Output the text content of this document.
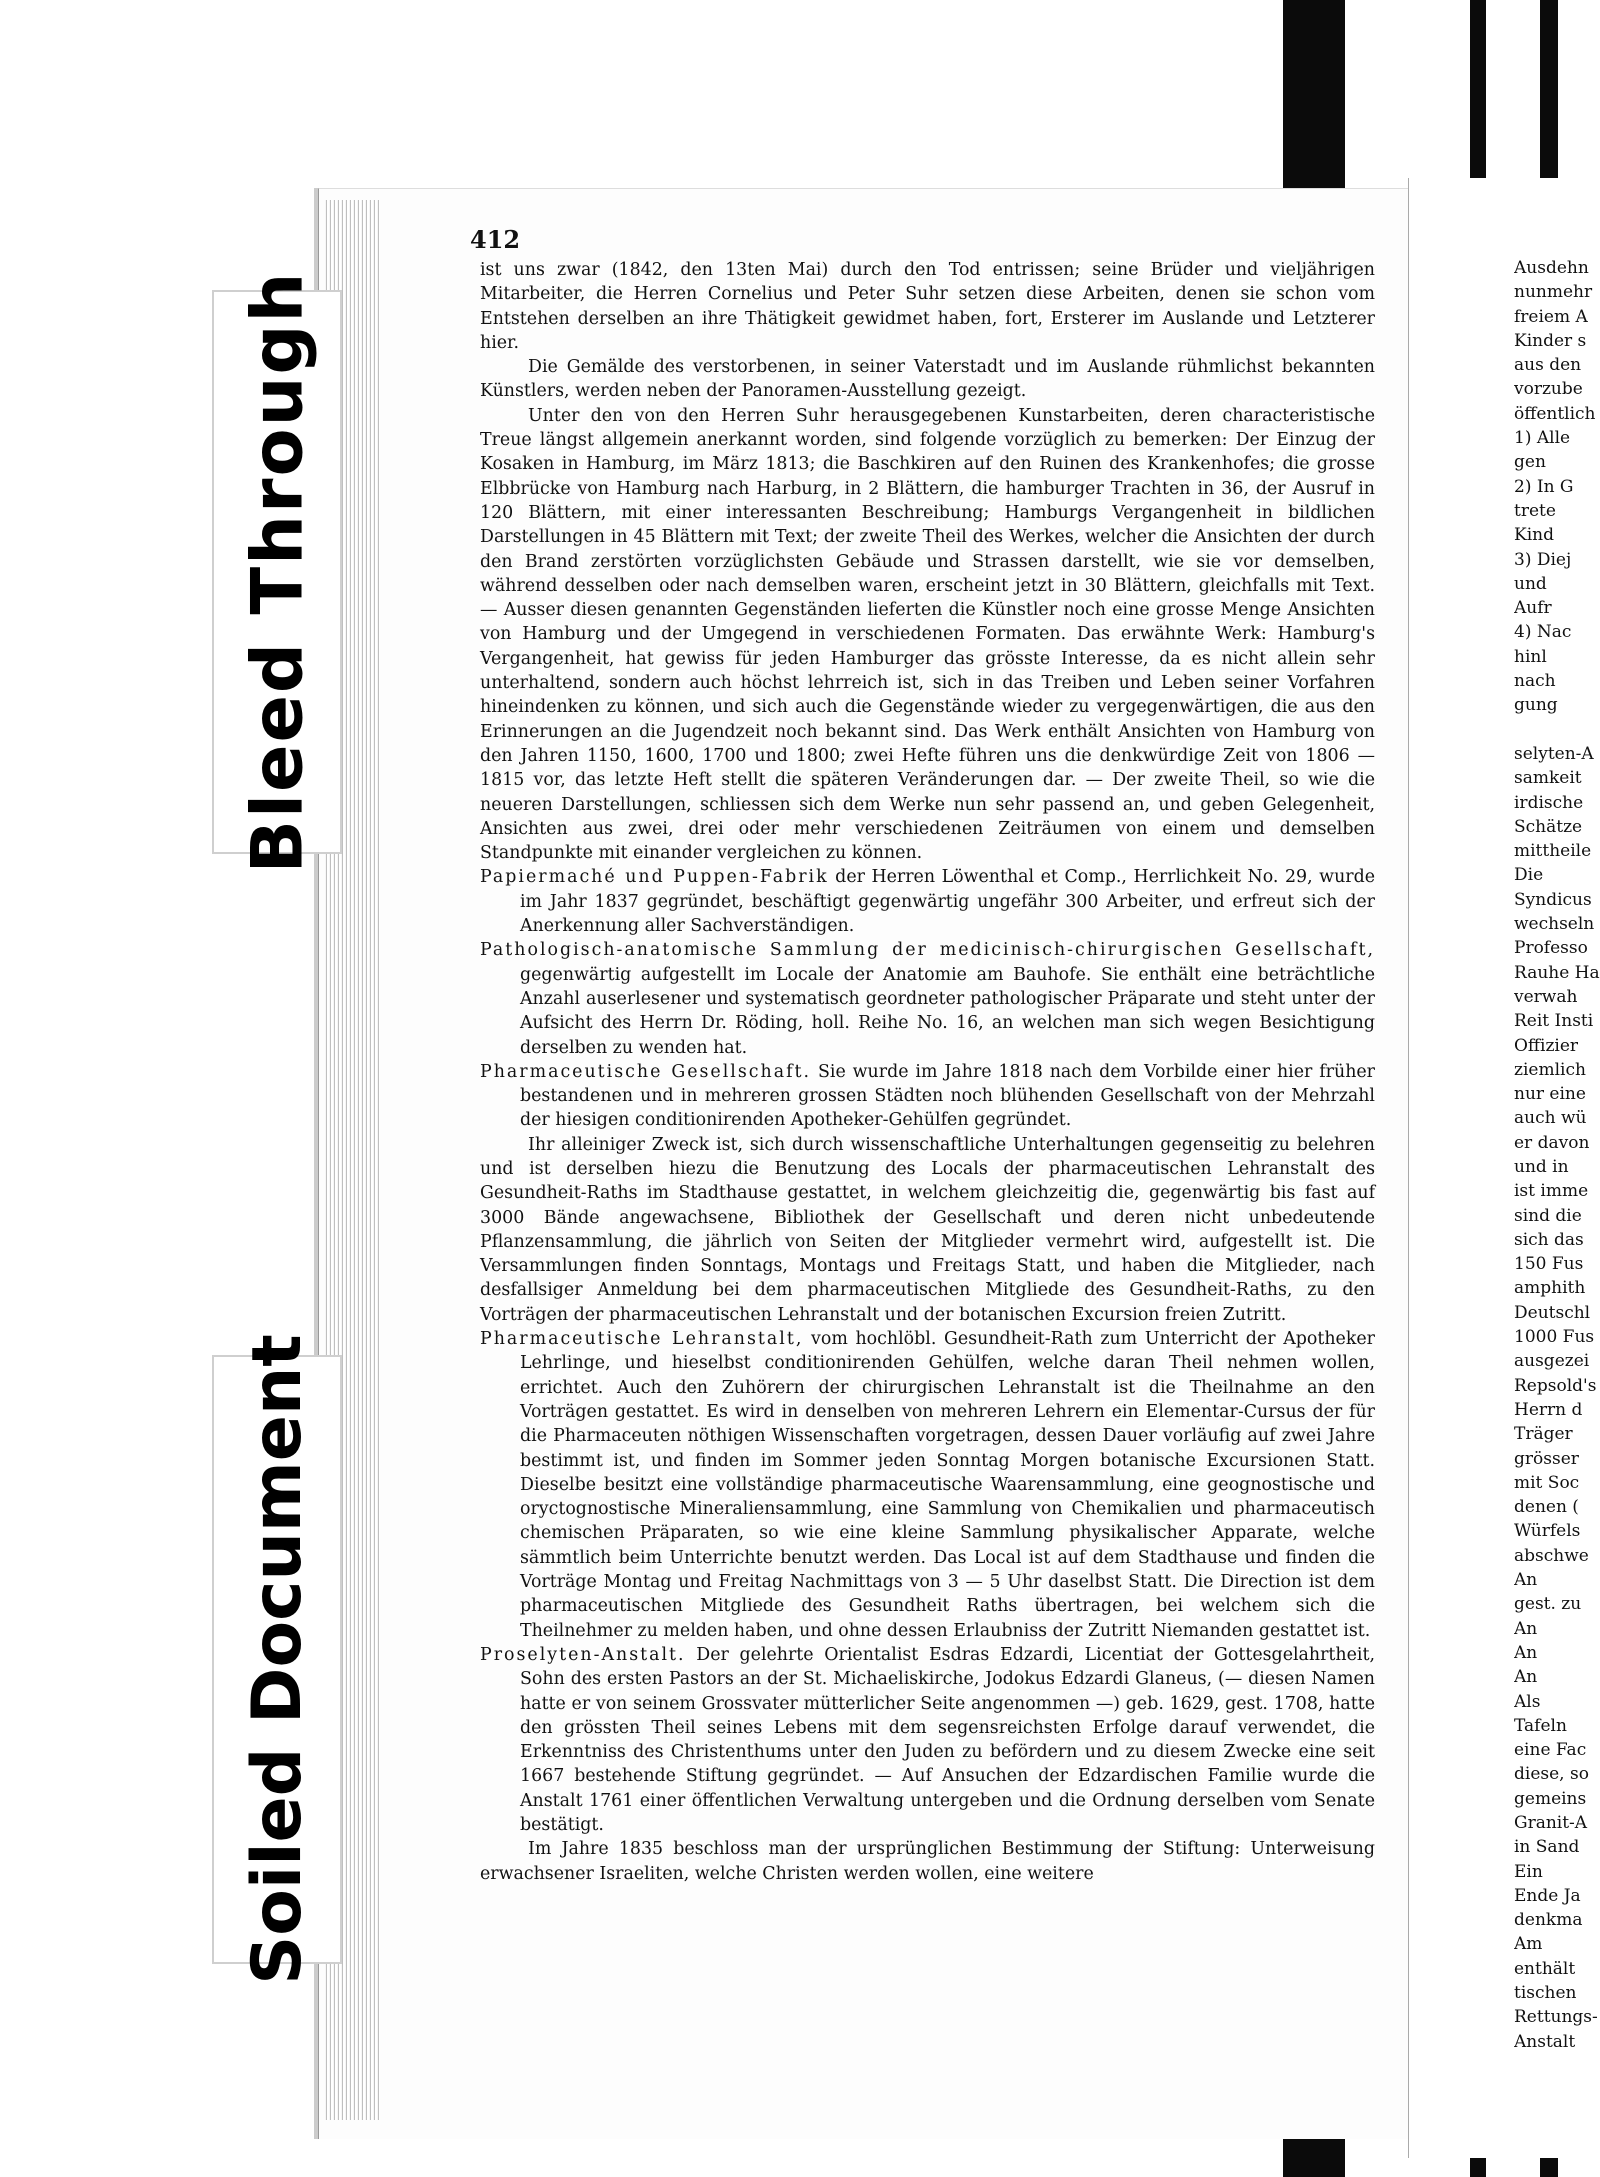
412

ist uns zwar (1842, den 13ten Mai) durch den Tod entrissen; seine Brüder und vieljährigen Mitarbeiter, die Herren Cornelius und Peter Suhr setzen diese Arbeiten, denen sie schon vom Entstehen derselben an ihre Thätigkeit gewidmet haben, fort, Ersterer im Auslande und Letzterer hier.

Die Gemälde des verstorbenen, in seiner Vaterstadt und im Auslande rühmlichst bekannten Künstlers, werden neben der Panoramen-Ausstellung gezeigt.

Unter den von den Herren Suhr herausgegebenen Kunstarbeiten, deren characteristische Treue längst allgemein anerkannt worden, sind folgende vorzüglich zu bemerken: Der Einzug der Kosaken in Hamburg, im März 1813; die Baschkiren auf den Ruinen des Krankenhofes; die grosse Elbbrücke von Hamburg nach Harburg, in 2 Blättern, die hamburger Trachten in 36, der Ausruf in 120 Blättern, mit einer interessanten Beschreibung; Hamburgs Vergangenheit in bildlichen Darstellungen in 45 Blättern mit Text; der zweite Theil des Werkes, welcher die Ansichten der durch den Brand zerstörten vorzüglichsten Gebäude und Strassen darstellt, wie sie vor demselben, während desselben oder nach demselben waren, erscheint jetzt in 30 Blättern, gleichfalls mit Text. — Ausser diesen genannten Gegenständen lieferten die Künstler noch eine grosse Menge Ansichten von Hamburg und der Umgegend in verschiedenen Formaten. Das erwähnte Werk: Hamburg's Vergangenheit, hat gewiss für jeden Hamburger das grösste Interesse, da es nicht allein sehr unterhaltend, sondern auch höchst lehrreich ist, sich in das Treiben und Leben seiner Vorfahren hineindenken zu können, und sich auch die Gegenstände wieder zu vergegenwärtigen, die aus den Erinnerungen an die Jugendzeit noch bekannt sind. Das Werk enthält Ansichten von Hamburg von den Jahren 1150, 1600, 1700 und 1800; zwei Hefte führen uns die denkwürdige Zeit von 1806 — 1815 vor, das letzte Heft stellt die späteren Veränderungen dar. — Der zweite Theil, so wie die neueren Darstellungen, schliessen sich dem Werke nun sehr passend an, und geben Gelegenheit, Ansichten aus zwei, drei oder mehr verschiedenen Zeiträumen von einem und demselben Standpunkte mit einander vergleichen zu können.

Papiermaché und Puppen-Fabrik der Herren Löwenthal et Comp., Herrlichkeit No. 29, wurde im Jahr 1837 gegründet, beschäftigt gegenwärtig ungefähr 300 Arbeiter, und erfreut sich der Anerkennung aller Sachverständigen.

Pathologisch-anatomische Sammlung der medicinisch-chirurgischen Gesellschaft, gegenwärtig aufgestellt im Locale der Anatomie am Bauhofe. Sie enthält eine beträchtliche Anzahl auserlesener und systematisch geordneter pathologischer Präparate und steht unter der Aufsicht des Herrn Dr. Röding, holl. Reihe No. 16, an welchen man sich wegen Besichtigung derselben zu wenden hat.

Pharmaceutische Gesellschaft. Sie wurde im Jahre 1818 nach dem Vorbilde einer hier früher bestandenen und in mehreren grossen Städten noch blühenden Gesellschaft von der Mehrzahl der hiesigen conditionirenden Apotheker-Gehülfen gegründet.

Ihr alleiniger Zweck ist, sich durch wissenschaftliche Unterhaltungen gegenseitig zu belehren und ist derselben hiezu die Benutzung des Locals der pharmaceutischen Lehranstalt des Gesundheit-Raths im Stadthause gestattet, in welchem gleichzeitig die, gegenwärtig bis fast auf 3000 Bände angewachsene, Bibliothek der Gesellschaft und deren nicht unbedeutende Pflanzensammlung, die jährlich von Seiten der Mitglieder vermehrt wird, aufgestellt ist. Die Versammlungen finden Sonntags, Montags und Freitags Statt, und haben die Mitglieder, nach desfallsiger Anmeldung bei dem pharmaceutischen Mitgliede des Gesundheit-Raths, zu den Vorträgen der pharmaceutischen Lehranstalt und der botanischen Excursion freien Zutritt.

Pharmaceutische Lehranstalt, vom hochlöbl. Gesundheit-Rath zum Unterricht der Apotheker Lehrlinge, und hieselbst conditionirenden Gehülfen, welche daran Theil nehmen wollen, errichtet. Auch den Zuhörern der chirurgischen Lehranstalt ist die Theilnahme an den Vorträgen gestattet. Es wird in denselben von mehreren Lehrern ein Elementar-Cursus der für die Pharmaceuten nöthigen Wissenschaften vorgetragen, dessen Dauer vorläufig auf zwei Jahre bestimmt ist, und finden im Sommer jeden Sonntag Morgen botanische Excursionen Statt. Dieselbe besitzt eine vollständige pharmaceutische Waarensammlung, eine geognostische und oryctognostische Mineraliensammlung, eine Sammlung von Chemikalien und pharmaceutisch chemischen Präparaten, so wie eine kleine Sammlung physikalischer Apparate, welche sämmtlich beim Unterrichte benutzt werden. Das Local ist auf dem Stadthause und finden die Vorträge Montag und Freitag Nachmittags von 3 — 5 Uhr daselbst Statt. Die Direction ist dem pharmaceutischen Mitgliede des Gesundheit Raths übertragen, bei welchem sich die Theilnehmer zu melden haben, und ohne dessen Erlaubniss der Zutritt Niemanden gestattet ist.

Proselyten-Anstalt. Der gelehrte Orientalist Esdras Edzardi, Licentiat der Gottesgelahrtheit, Sohn des ersten Pastors an der St. Michaeliskirche, Jodokus Edzardi Glaneus, (— diesen Namen hatte er von seinem Grossvater mütterlicher Seite angenommen —) geb. 1629, gest. 1708, hatte den grössten Theil seines Lebens mit dem segensreichsten Erfolge darauf verwendet, die Erkenntniss des Christenthums unter den Juden zu befördern und zu diesem Zwecke eine seit 1667 bestehende Stiftung gegründet. — Auf Ansuchen der Edzardischen Familie wurde die Anstalt 1761 einer öffentlichen Verwaltung untergeben und die Ordnung derselben vom Senate bestätigt.

Im Jahre 1835 beschloss man der ursprünglichen Bestimmung der Stiftung: Unterweisung erwachsener Israeliten, welche Christen werden wollen, eine weitere

Ausdehn
nunmehr
freiem A
Kinder s
aus den
vorzube
öffentlich
1) Alle
gen
2) In G
trete
Kind
3) Diej
und
Aufr
4) Nac
hinl
nach
gung

selyten-A
samkeit
irdische
Schätze
mittheile
Die
Syndicus
wechseln
Professo
Rauhe Ha
verwah
Reit Insti
Offizier
ziemlich
nur eine
auch wü
er davon
und in
ist imme
sind die
sich das
150 Fus
amphith
Deutschl
1000 Fus
ausgezei
Repsold's
Herrn d
Träger
grösser
mit Soc
denen (
Würfels
abschwe
An
gest. zu
An
An
An
Als
Tafeln
eine Fac
diese, so
gemeins
Granit-A
in Sand
Ein
Ende Ja
denkma
Am
enthält
tischen
Rettungs-
Anstalt
Bleed Through
Soiled Document
